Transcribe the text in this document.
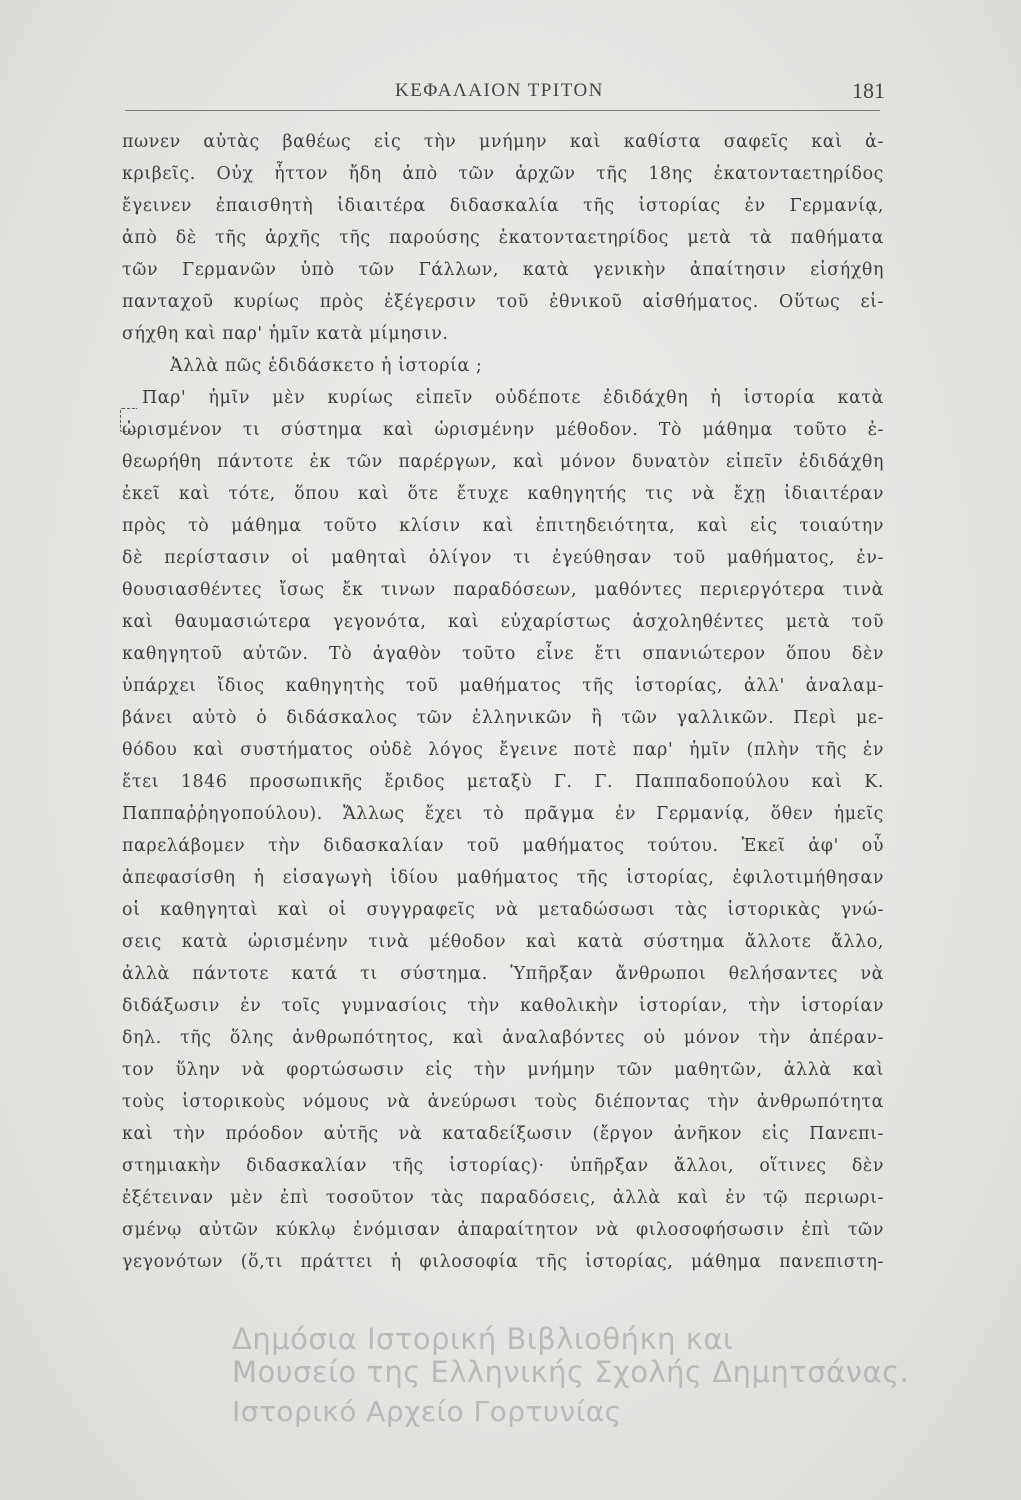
ΚΕΦΑΛΑΙΟΝ ΤΡΙΤΟΝ	181
πωνεν αὐτὰς βαθέως εἰς τὴν μνήμην καὶ καθίστα σαφεῖς καὶ ἀ-
κριβεῖς. Οὐχ ἧττον ἤδη ἀπὸ τῶν ἀρχῶν τῆς 18ης ἑκατονταετηρίδος
ἔγεινεν ἐπαισθητὴ ἰδιαιτέρα διδασκαλία τῆς ἱστορίας ἐν Γερμανίᾳ,
ἀπὸ δὲ τῆς ἀρχῆς τῆς παρούσης ἑκατονταετηρίδος μετὰ τὰ παθήματα
τῶν Γερμανῶν ὑπὸ τῶν Γάλλων, κατὰ γενικὴν ἀπαίτησιν εἰσήχθη
πανταχοῦ κυρίως πρὸς ἐξέγερσιν τοῦ ἐθνικοῦ αἰσθήματος. Οὕτως εἰ-
σήχθη καὶ παρ' ἡμῖν κατὰ μίμησιν.
Ἀλλὰ πῶς ἐδιδάσκετο ἡ ἱστορία ;
Παρ' ἡμῖν μὲν κυρίως εἰπεῖν οὐδέποτε ἐδιδάχθη ἡ ἱστορία κατὰ
ὡρισμένον τι σύστημα καὶ ὡρισμένην μέθοδον. Τὸ μάθημα τοῦτο ἐ-
θεωρήθη πάντοτε ἐκ τῶν παρέργων, καὶ μόνον δυνατὸν εἰπεῖν ἐδιδάχθη
ἐκεῖ καὶ τότε, ὅπου καὶ ὅτε ἔτυχε καθηγητής τις νὰ ἔχῃ ἰδιαιτέραν
πρὸς τὸ μάθημα τοῦτο κλίσιν καὶ ἐπιτηδειότητα, καὶ εἰς τοιαύτην
δὲ περίστασιν οἱ μαθηταὶ ὀλίγον τι ἐγεύθησαν τοῦ μαθήματος, ἐν-
θουσιασθέντες ἴσως ἔκ τινων παραδόσεων, μαθόντες περιεργότερα τινὰ
καὶ θαυμασιώτερα γεγονότα, καὶ εὐχαρίστως ἀσχοληθέντες μετὰ τοῦ
καθηγητοῦ αὐτῶν. Τὸ ἀγαθὸν τοῦτο εἶνε ἔτι σπανιώτερον ὅπου δὲν
ὑπάρχει ἴδιος καθηγητὴς τοῦ μαθήματος τῆς ἱστορίας, ἀλλ' ἀναλαμ-
βάνει αὐτὸ ὁ διδάσκαλος τῶν ἑλληνικῶν ἢ τῶν γαλλικῶν. Περὶ με-
θόδου καὶ συστήματος οὐδὲ λόγος ἔγεινε ποτὲ παρ' ἡμῖν (πλὴν τῆς ἐν
ἔτει 1846 προσωπικῆς ἔριδος μεταξὺ Γ. Γ. Παππαδοπούλου καὶ Κ.
Παππαῤῥηγοπούλου). Ἄλλως ἔχει τὸ πρᾶγμα ἐν Γερμανίᾳ, ὅθεν ἡμεῖς
παρελάβομεν τὴν διδασκαλίαν τοῦ μαθήματος τούτου. Ἐκεῖ ἀφ' οὗ
ἀπεφασίσθη ἡ εἰσαγωγὴ ἰδίου μαθήματος τῆς ἱστορίας, ἐφιλοτιμήθησαν
οἱ καθηγηταὶ καὶ οἱ συγγραφεῖς νὰ μεταδώσωσι τὰς ἱστορικὰς γνώ-
σεις κατὰ ὡρισμένην τινὰ μέθοδον καὶ κατὰ σύστημα ἄλλοτε ἄλλο,
ἀλλὰ πάντοτε κατά τι σύστημα. Ὑπῆρξαν ἄνθρωποι θελήσαντες νὰ
διδάξωσιν ἐν τοῖς γυμνασίοις τὴν καθολικὴν ἱστορίαν, τὴν ἱστορίαν
δηλ. τῆς ὅλης ἀνθρωπότητος, καὶ ἀναλαβόντες οὐ μόνον τὴν ἀπέραν-
τον ὕλην νὰ φορτώσωσιν εἰς τὴν μνήμην τῶν μαθητῶν, ἀλλὰ καὶ
τοὺς ἱστορικοὺς νόμους νὰ ἀνεύρωσι τοὺς διέποντας τὴν ἀνθρωπότητα
καὶ τὴν πρόοδον αὐτῆς νὰ καταδείξωσιν (ἔργον ἀνῆκον εἰς Πανεπι-
στημιακὴν διδασκαλίαν τῆς ἱστορίας)· ὑπῆρξαν ἄλλοι, οἵτινες δὲν
ἐξέτειναν μὲν ἐπὶ τοσοῦτον τὰς παραδόσεις, ἀλλὰ καὶ ἐν τῷ περιωρι-
σμένῳ αὐτῶν κύκλῳ ἐνόμισαν ἀπαραίτητον νὰ φιλοσοφήσωσιν ἐπὶ τῶν
γεγονότων (ὅ,τι πράττει ἡ φιλοσοφία τῆς ἱστορίας, μάθημα πανεπιστη-
Δημόσια Ιστορική Βιβλιοθήκη και
Μουσείο της Ελληνικής Σχολής Δημητσάνας.
Ιστορικό Αρχείο Γορτυνίας
